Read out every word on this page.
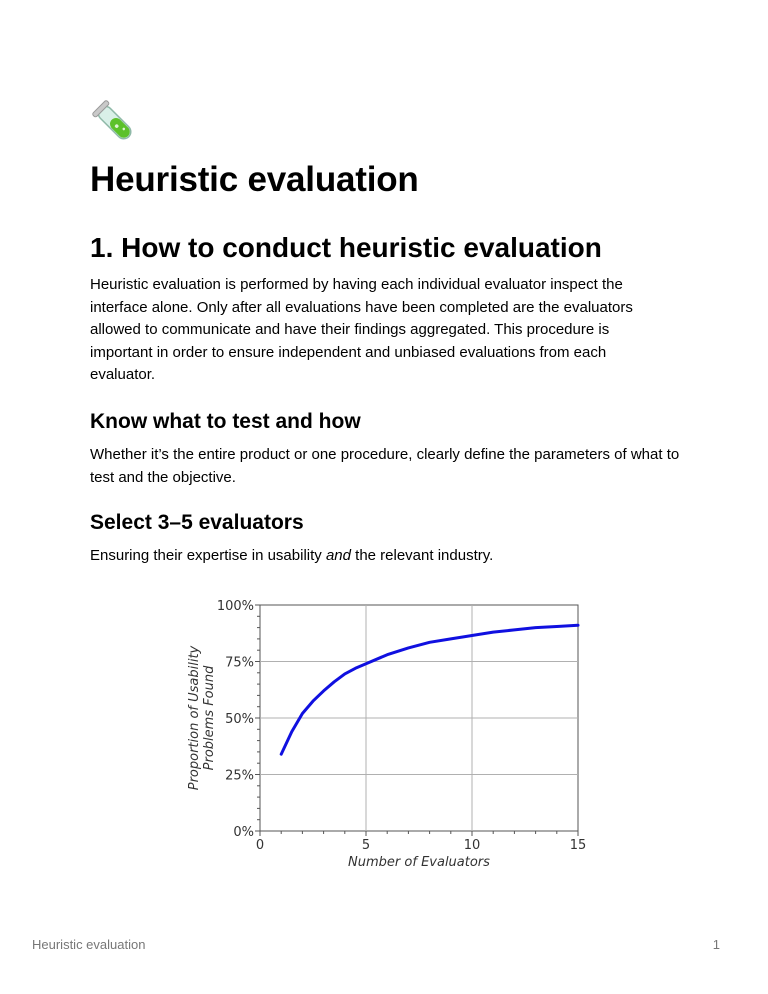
Heuristic evaluation
1. How to conduct heuristic evaluation

Heuristic evaluation is performed by having each individual evaluator inspect the interface alone. Only after all evaluations have been completed are the evaluators allowed to communicate and have their findings aggregated. This procedure is important in order to ensure independent and unbiased evaluations from each evaluator.

Know what to test and how

Whether it’s the entire product or one procedure, clearly define the parameters of what to test and the objective.

Select 3–5 evaluators

Ensuring their expertise in usability and the relevant industry.

0%
25%
50%
75%
100%
0	5	10	15
Number of Evaluators
Proportion of Usability Problems Found
Heuristic evaluation	1
